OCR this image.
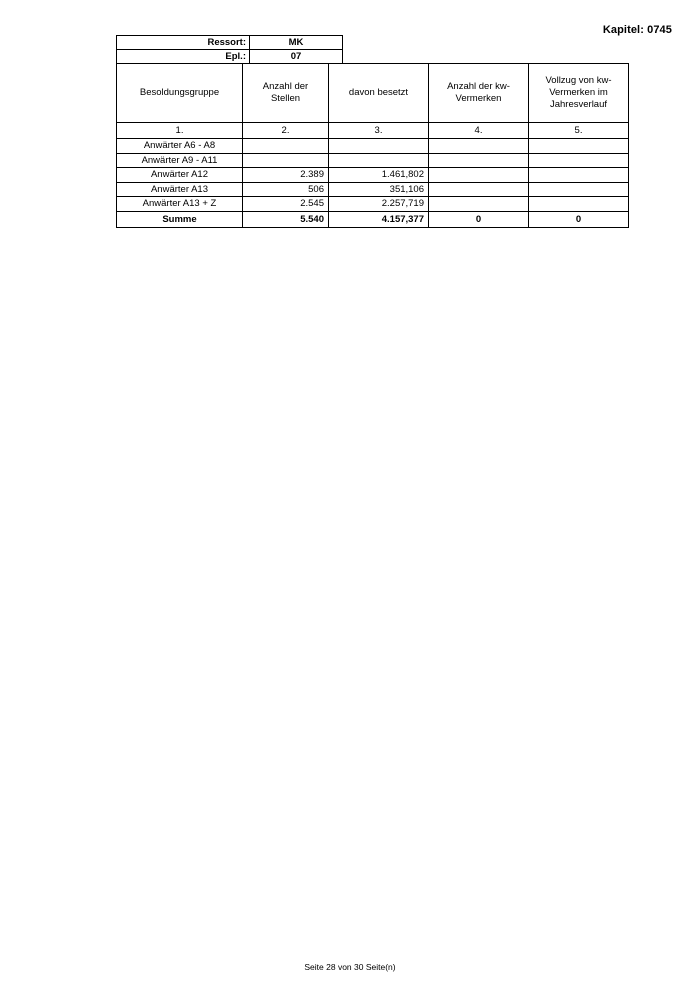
Kapitel: 0745
Ressort:	MK
Epl.:	07
Besoldungsgruppe	Anzahl der Stellen	davon besetzt	Anzahl der kw-Vermerken	Vollzug von kw-Vermerken im Jahresverlauf
1.	2.	3.	4.	5.
Anwärter A6 - A8				
Anwärter A9 - A11				
Anwärter A12	2.389	1.461,802		
Anwärter A13	506	351,106		
Anwärter A13 + Z	2.545	2.257,719		
Summe	5.540	4.157,377	0	0
Seite 28 von 30 Seite(n)
